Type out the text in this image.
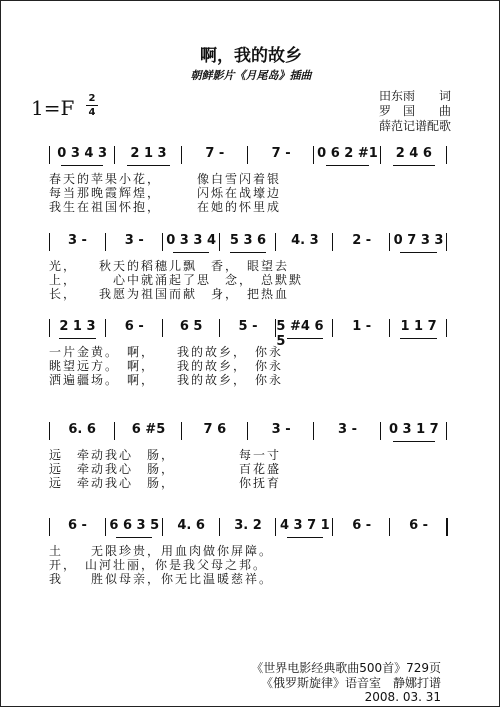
啊，我的故乡
朝鲜影片《月尾岛》插曲
田东雨　　词
罗　国　　曲
薛范记谱配歌
1=F 2
4
0 3 4 3	2 1 3	7 -	7 -	0 6 2 #1	2 4 6
春天的苹果小花，　　　像白雪闪着银
每当那晚霞辉煌，　　　闪烁在战壕边
我生在祖国怀抱，　　　在她的怀里成
3 -	3 -	0 3 3 4	5 3 6	4. 3	2 -	0 7 3 3
光，　　秋天的稻穗儿飘　香，　眼望去
上，　　　心中就涌起了思　念，　总默默
长，　　我愿为祖国而献　身，　把热血
2 1 3	6 -	6 5	5 -	5 #4 6 5
1 -	1 1 7
一片金黄。　啊，　　我的故乡，　你永
眺望远方。　啊，　　我的故乡，　你永
洒遍疆场。　啊，　　我的故乡，　你永
6. 6	6 #5	7 6	3 -	3 -	0 3 1 7
远　牵动我心　肠，　　　　　每一寸
远　牵动我心　肠，　　　　　百花盛
远　牵动我心　肠，　　　　　你抚育
6 -	6 6 3 5	4. 6	3. 2	4 3 7 1	6 -	6 -
土　　无限珍贵，用血肉做你屏障。
开，　山河壮丽，你是我父母之邦。
我　　胜似母亲，你无比温暖慈祥。
《世界电影经典歌曲500首》729页
《俄罗斯旋律》语音室　静娜打谱
2008. 03. 31
